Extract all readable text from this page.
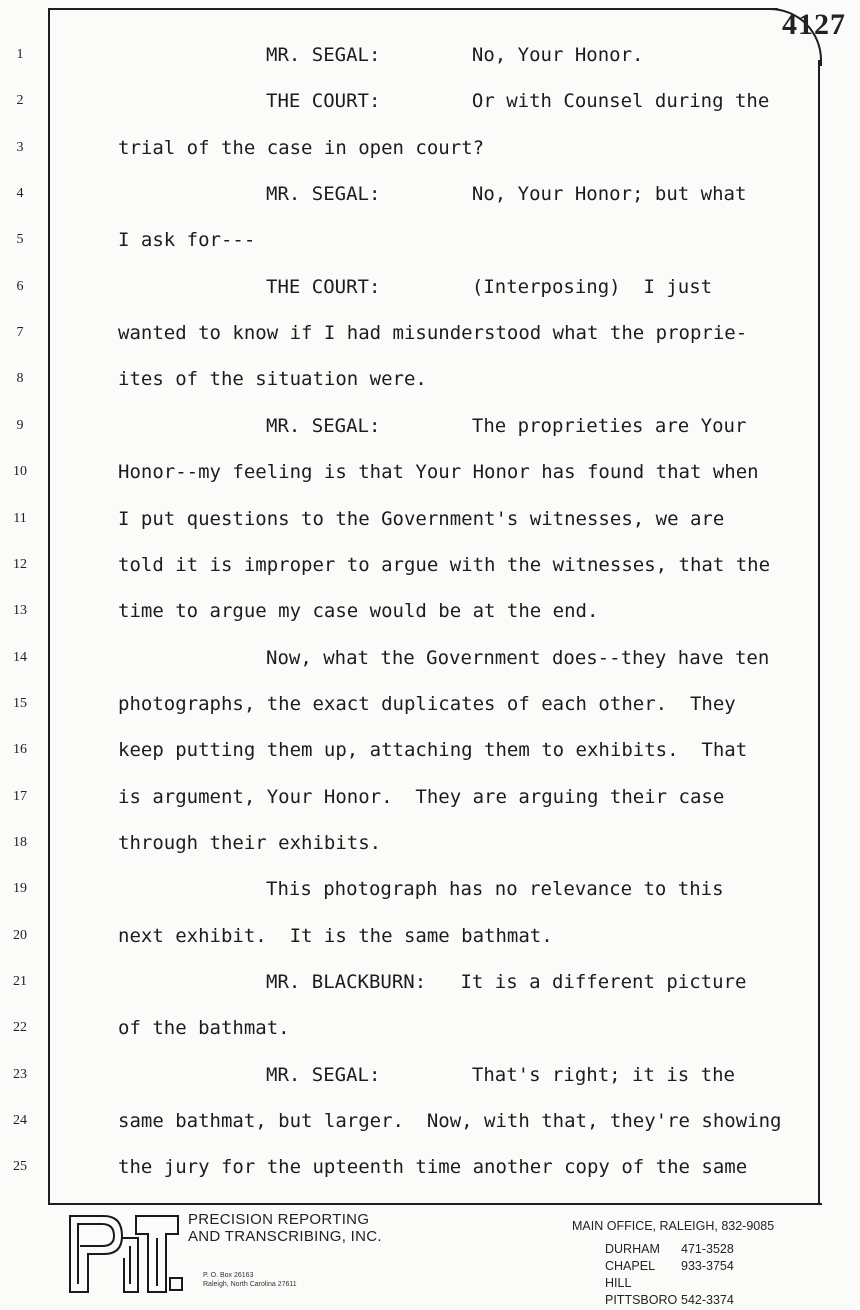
4127
1	MR. SEGAL:        No, Your Honor.
2	THE COURT:        Or with Counsel during the
3	trial of the case in open court?
4	MR. SEGAL:        No, Your Honor; but what
5	I ask for---
6	THE COURT:        (Interposing)  I just
7	wanted to know if I had misunderstood what the proprie-
8	ites of the situation were.
9	MR. SEGAL:        The proprieties are Your
10	Honor--my feeling is that Your Honor has found that when
11	I put questions to the Government's witnesses, we are
12	told it is improper to argue with the witnesses, that the
13	time to argue my case would be at the end.
14	Now, what the Government does--they have ten
15	photographs, the exact duplicates of each other.  They
16	keep putting them up, attaching them to exhibits.  That
17	is argument, Your Honor.  They are arguing their case
18	through their exhibits.
19	This photograph has no relevance to this
20	next exhibit.  It is the same bathmat.
21	MR. BLACKBURN:   It is a different picture
22	of the bathmat.
23	MR. SEGAL:        That's right; it is the
24	same bathmat, but larger.  Now, with that, they're showing
25	the jury for the upteenth time another copy of the same
PRECISION REPORTING
AND TRANSCRIBING, INC.
P. O. Box 26163
Raleigh, North Carolina 27611
MAIN OFFICE, RALEIGH, 832-9085
DURHAM	471-3528
CHAPEL HILL
933-3754
PITTSBORO 542-3374
